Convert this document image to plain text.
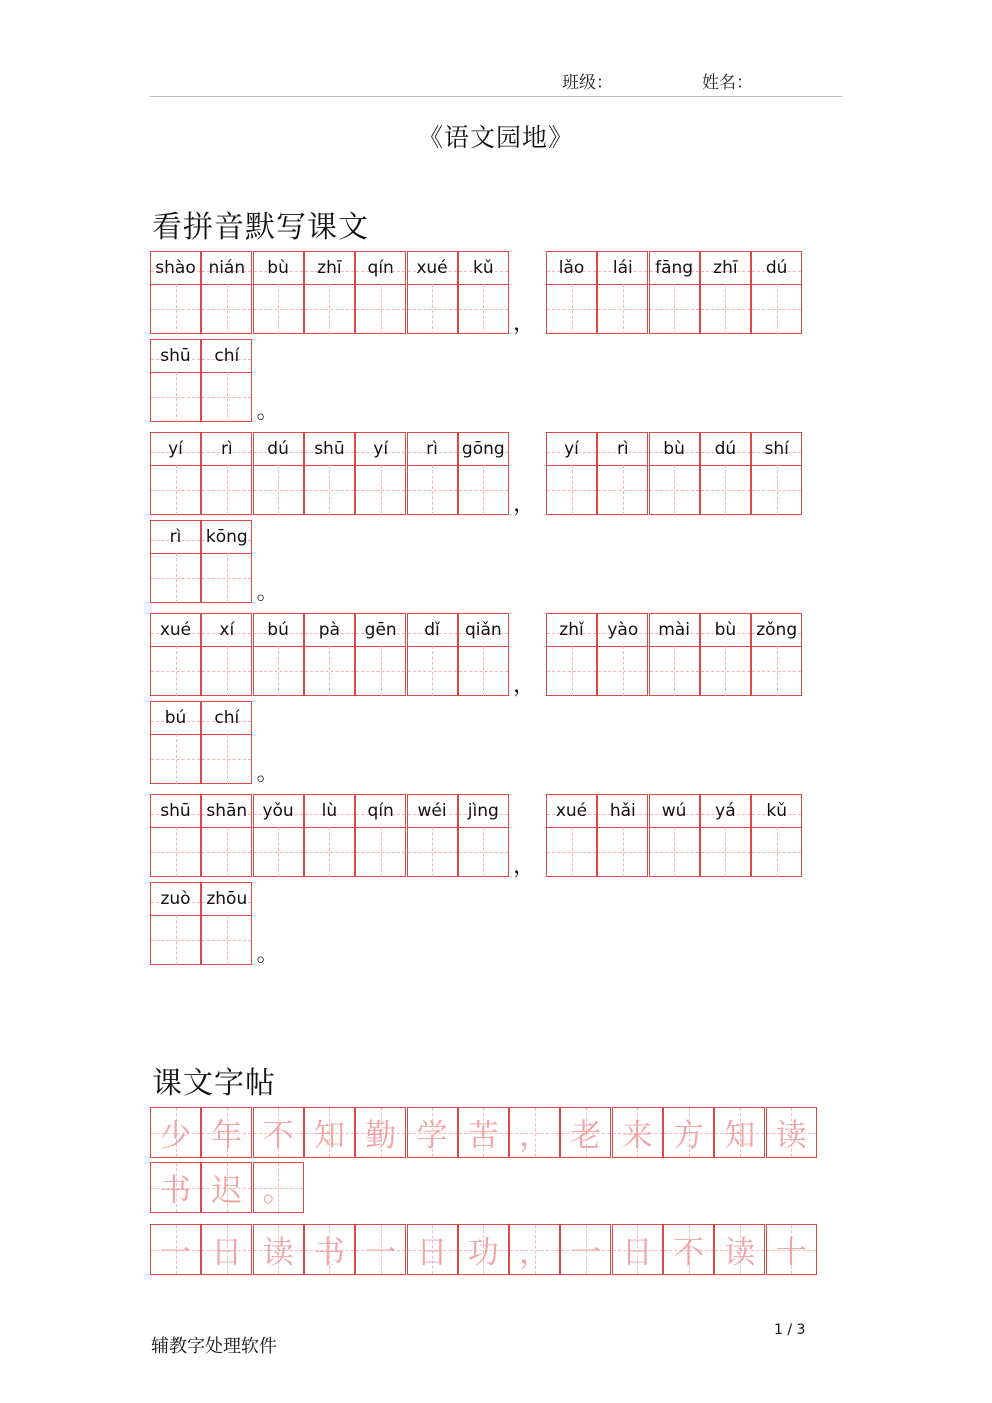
班级：	姓名：
《语文园地》
看拼音默写课文
shào nián bù zhī qín xué kǔ
，
lǎo lái fāng zhī dú
shū chí
。
yí rì dú shū yí rì gōng
，
yí rì bù dú shí
rì kōng
。
xué xí bú pà gēn dǐ qiǎn
，
zhǐ yào mài bù zǒng
bú chí
。
shū shān yǒu lù qín wéi jìng
，
xué hǎi wú yá kǔ
zuò zhōu
。
课文字帖
少 年 不 知 勤 学 苦 ， 老 来 方 知 读
书 迟 。
一 日 读 书 一 日 功 ， 一 日 不 读 十
辅教字处理软件
1 / 3
